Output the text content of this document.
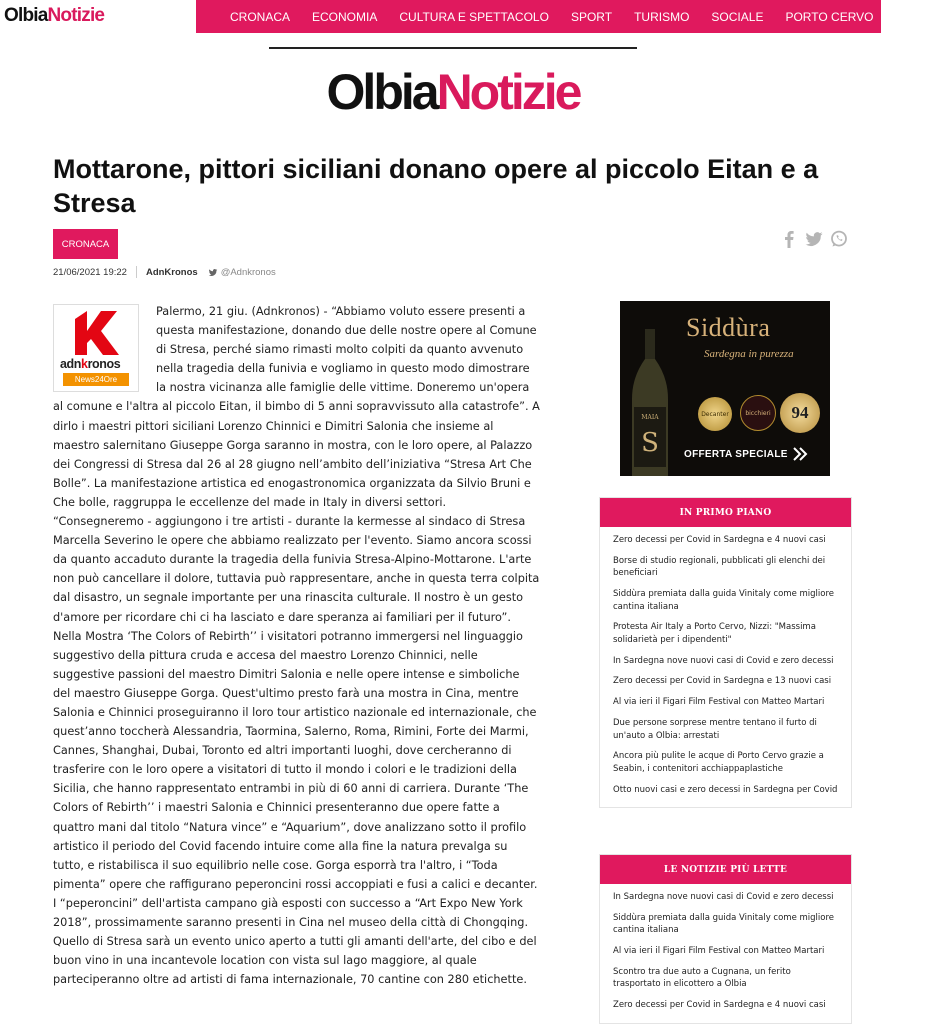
OlbiaNotizie	CRONACA	ECONOMIA	CULTURA E SPETTACOLO	SPORT	TURISMO	SOCIALE	PORTO CERVO	2
OlbiaNotizie
Mottarone, pittori siciliani donano opere al piccolo Eitan e a Stresa
CRONACA
21/06/2021 19:22 AdnKronos @Adnkronos
adnkronos
News24Ore
Palermo, 21 giu. (Adnkronos) - “Abbiamo voluto essere presenti a questa manifestazione, donando due delle nostre opere al Comune di Stresa, perché siamo rimasti molto colpiti da quanto avvenuto nella tragedia della funivia e vogliamo in questo modo dimostrare la nostra vicinanza alle famiglie delle vittime. Doneremo un'opera al comune e l'altra al piccolo Eitan, il bimbo di 5 anni sopravvissuto alla catastrofe”. A dirlo i maestri pittori siciliani Lorenzo Chinnici e Dimitri Salonia che insieme al maestro salernitano Giuseppe Gorga saranno in mostra, con le loro opere, al Palazzo dei Congressi di Stresa dal 26 al 28 giugno nell’ambito dell’iniziativa “Stresa Art Che Bolle”. La manifestazione artistica ed enogastronomica organizzata da Silvio Bruni e Che bolle, raggruppa le eccellenze del made in Italy in diversi settori. “Consegneremo - aggiungono i tre artisti - durante la kermesse al sindaco di Stresa Marcella Severino le opere che abbiamo realizzato per l'evento. Siamo ancora scossi da quanto accaduto durante la tragedia della funivia Stresa-Alpino-Mottarone. L'arte non può cancellare il dolore, tuttavia può rappresentare, anche in questa terra colpita dal disastro, un segnale importante per una rinascita culturale. Il nostro è un gesto d'amore per ricordare chi ci ha lasciato e dare speranza ai familiari per il futuro”. Nella Mostra ‘The Colors of Rebirth’’ i visitatori potranno immergersi nel linguaggio suggestivo della pittura cruda e accesa del maestro Lorenzo Chinnici, nelle suggestive passioni del maestro Dimitri Salonia e nelle opere intense e simboliche del maestro Giuseppe Gorga. Quest'ultimo presto farà una mostra in Cina, mentre Salonia e Chinnici proseguiranno il loro tour artistico nazionale ed internazionale, che quest’anno toccherà Alessandria, Taormina, Salerno, Roma, Rimini, Forte dei Marmi, Cannes, Shanghai, Dubai, Toronto ed altri importanti luoghi, dove cercheranno di trasferire con le loro opere a visitatori di tutto il mondo i colori e le tradizioni della Sicilia, che hanno rappresentato entrambi in più di 60 anni di carriera. Durante ‘The Colors of Rebirth’’ i maestri Salonia e Chinnici presenteranno due opere fatte a quattro mani dal titolo “Natura vince” e “Aquarium”, dove analizzano sotto il profilo artistico il periodo del Covid facendo intuire come alla fine la natura prevalga su tutto, e ristabilisca il suo equilibrio nelle cose. Gorga esporrà tra l'altro, i “Toda pimenta” opere che raffigurano peperoncini rossi accoppiati e fusi a calici e decanter. I “peperoncini” dell'artista campano già esposti con successo a “Art Expo New York 2018”, prossimamente saranno presenti in Cina nel museo della città di Chongqing. Quello di Stresa sarà un evento unico aperto a tutti gli amanti dell'arte, del cibo e del buon vino in una incantevole location con vista sul lago maggiore, al quale parteciperanno oltre ad artisti di fama internazionale, 70 cantine con 280 etichette.
MAIA
S
Siddùra
Sardegna in purezza
Decanter	bicchieri 94
OFFERTA SPECIALE
IN PRIMO PIANO
Zero decessi per Covid in Sardegna e 4 nuovi casi
Borse di studio regionali, pubblicati gli elenchi dei beneficiari
Siddùra premiata dalla guida Vinitaly come migliore cantina italiana
Protesta Air Italy a Porto Cervo, Nizzi: "Massima solidarietà per i dipendenti"
In Sardegna nove nuovi casi di Covid e zero decessi
Zero decessi per Covid in Sardegna e 13 nuovi casi
Al via ieri il Figari Film Festival con Matteo Martari
Due persone sorprese mentre tentano il furto di un'auto a Olbia: arrestati
Ancora più pulite le acque di Porto Cervo grazie a Seabin, i contenitori acchiappaplastiche
Otto nuovi casi e zero decessi in Sardegna per Covid
LE NOTIZIE PIÙ LETTE
In Sardegna nove nuovi casi di Covid e zero decessi
Siddùra premiata dalla guida Vinitaly come migliore cantina italiana
Al via ieri il Figari Film Festival con Matteo Martari
Scontro tra due auto a Cugnana, un ferito trasportato in elicottero a Olbia
Zero decessi per Covid in Sardegna e 4 nuovi casi
